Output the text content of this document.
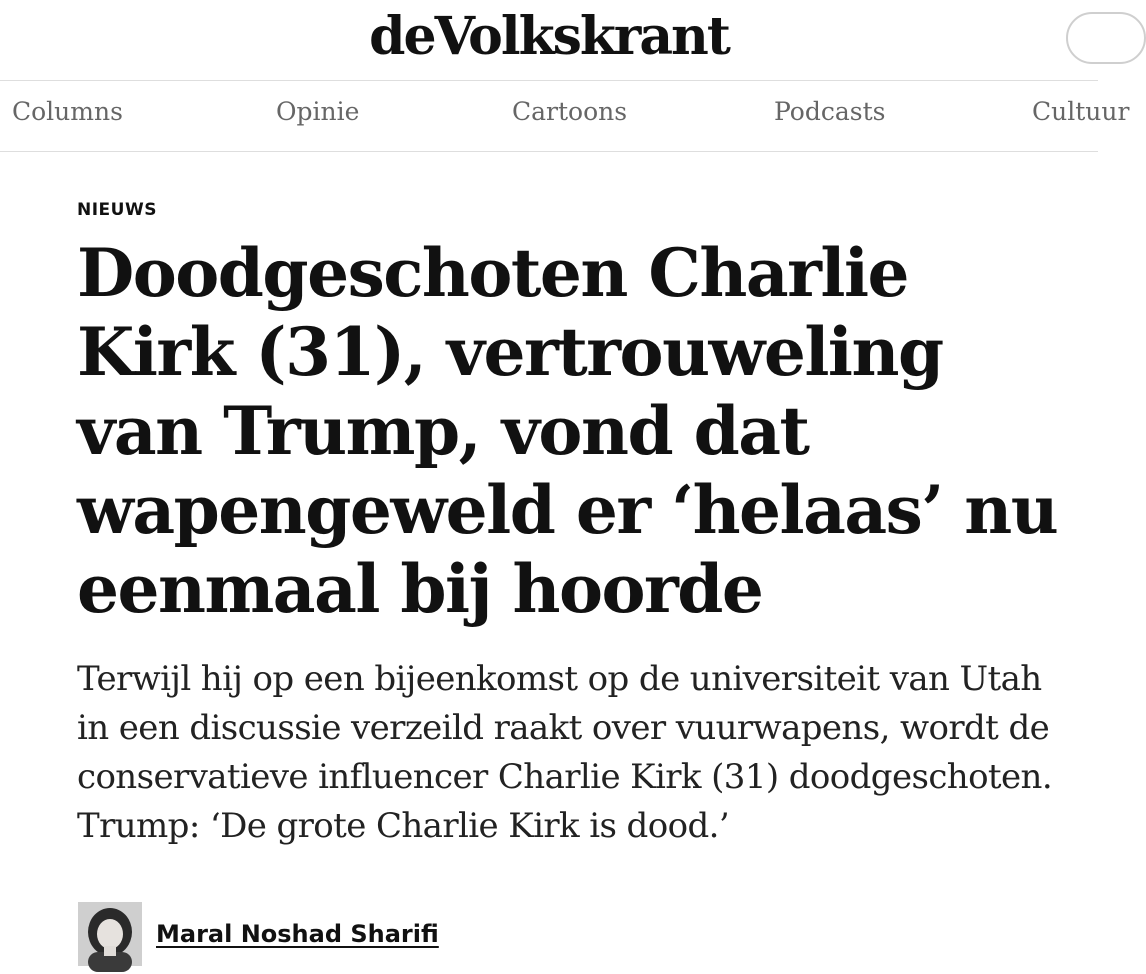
deVolkskrant
Columns	Opinie	Cartoons	Podcasts	Cultuur
NIEUWS
Doodgeschoten Charlie Kirk (31), vertrouweling van Trump, vond dat wapengeweld er ‘helaas’ nu eenmaal bij hoorde

Terwijl hij op een bijeenkomst op de universiteit van Utah in een discussie verzeild raakt over vuurwapens, wordt de conservatieve influencer Charlie Kirk (31) doodgeschoten. Trump: ‘De grote Charlie Kirk is dood.’

Maral Noshad Sharifi
